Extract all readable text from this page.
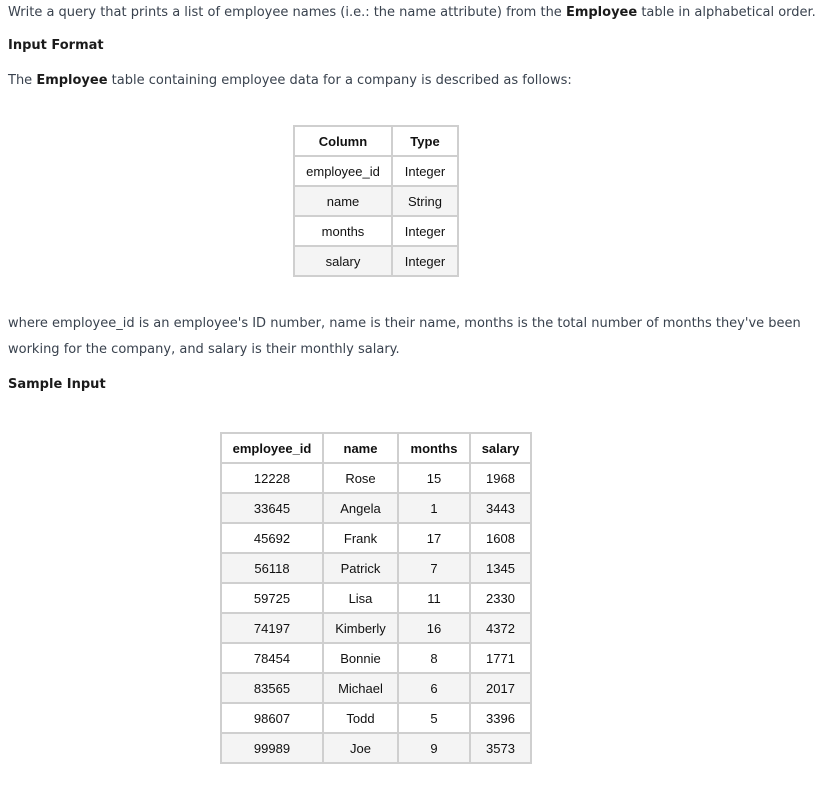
Write a query that prints a list of employee names (i.e.: the name attribute) from the Employee table in alphabetical order.

Input Format

The Employee table containing employee data for a company is described as follows:

Column	Type
employee_id	Integer
name	String
months	Integer
salary	Integer

where employee_id is an employee's ID number, name is their name, months is the total number of months they've been

working for the company, and salary is their monthly salary.

Sample Input
employee_id	name	months	salary
12228	Rose	15	1968
33645	Angela	1	3443
45692	Frank	17	1608
56118	Patrick	7	1345
59725	Lisa	11	2330
74197	Kimberly	16	4372
78454	Bonnie	8	1771
83565	Michael	6	2017
98607	Todd	5	3396
99989	Joe	9	3573
